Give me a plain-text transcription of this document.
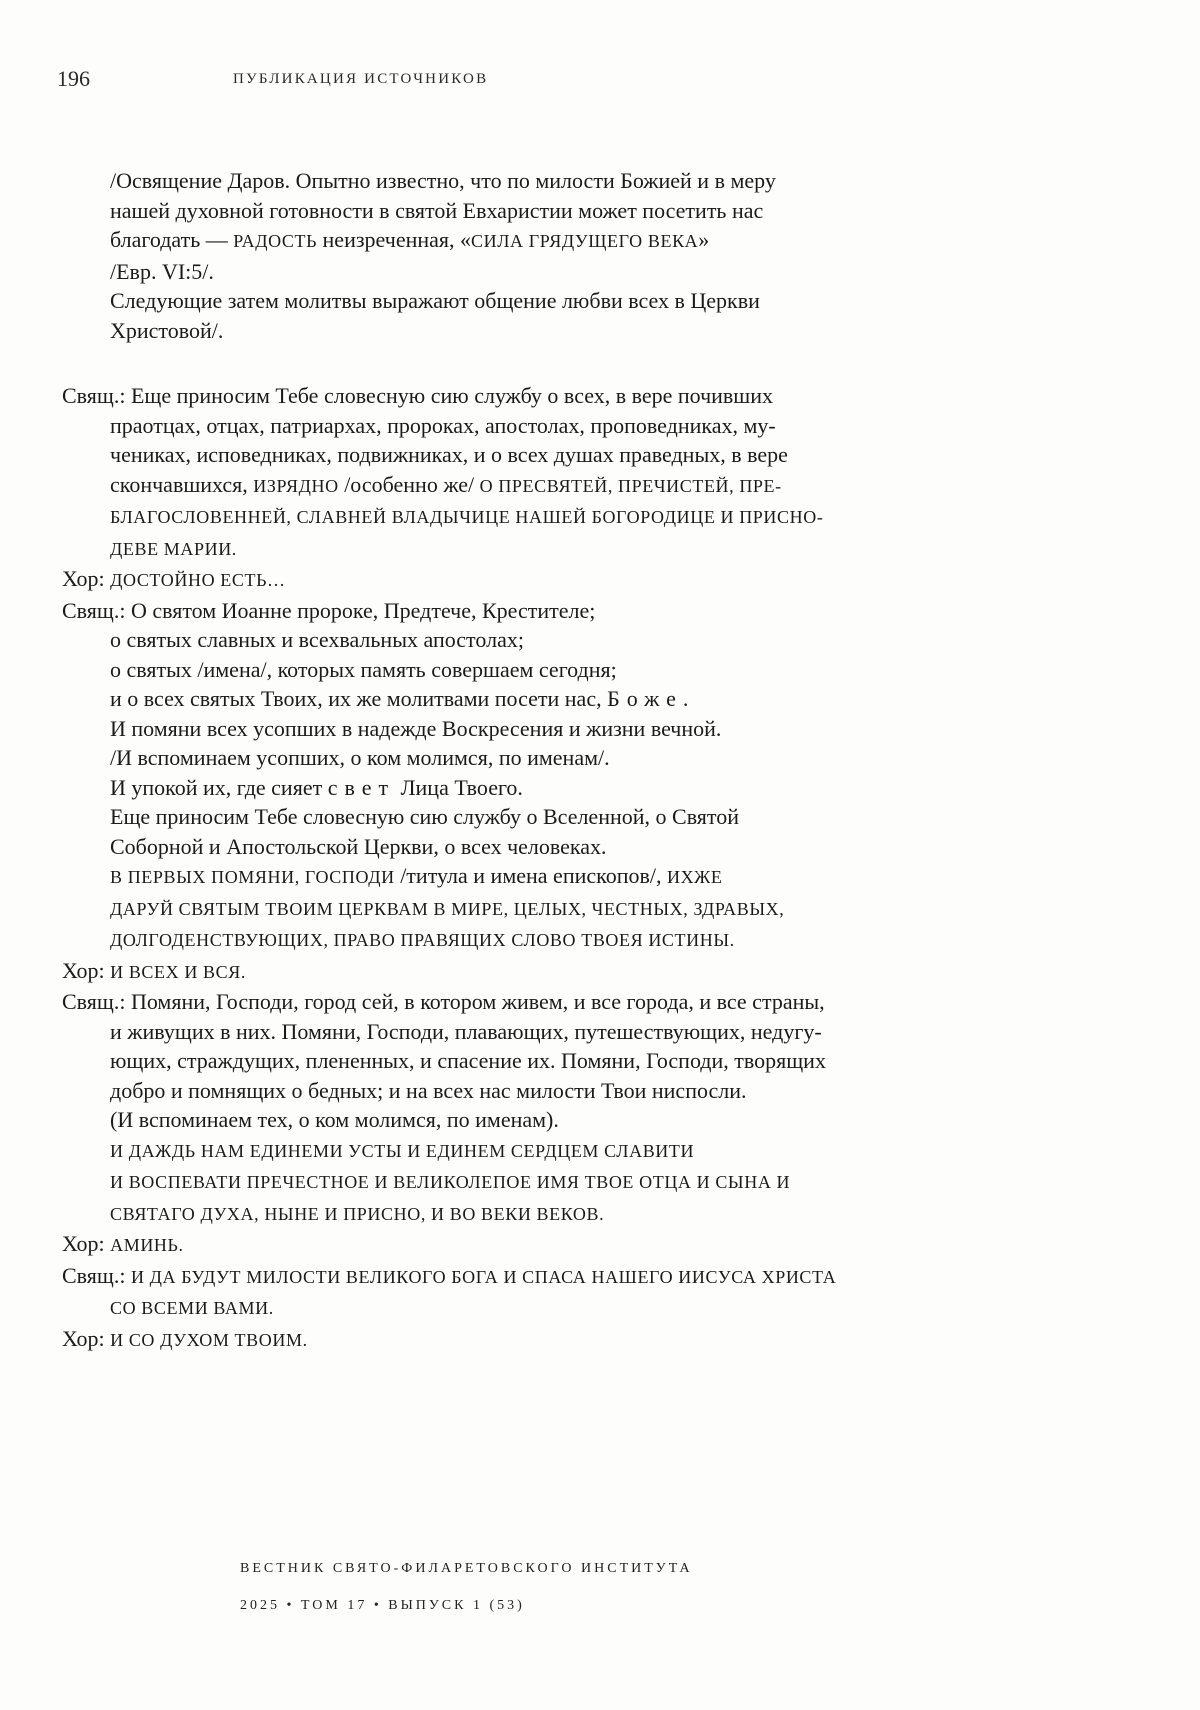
196	ПУБЛИКАЦИЯ ИСТОЧНИКОВ
/Освящение Даров. Опытно известно, что по милости Божией и в меру
нашей духовной готовности в святой Евхаристии может посетить нас
благодать — РАДОСТЬ неизреченная, «СИЛА ГРЯДУЩЕГО ВЕКА»
/Евр. VI:5/.
Следующие затем молитвы выражают общение любви всех в Церкви
Христовой/.
Свящ.: Еще приносим Тебе словесную сию службу о всех, в вере почивших
праотцах, отцах, патриархах, пророках, апостолах, проповедниках, му-
чениках, исповедниках, подвижниках, и о всех душах праведных, в вере
скончавшихся, ИЗРЯДНО /особенно же/ О ПРЕСВЯТЕЙ, ПРЕЧИСТЕЙ, ПРЕ-
БЛАГОСЛОВЕННЕЙ, СЛАВНЕЙ ВЛАДЫЧИЦЕ НАШЕЙ БОГОРОДИЦЕ И ПРИСНО-
ДЕВЕ МАРИИ.
Хор: ДОСТОЙНО ЕСТЬ…
Свящ.: О святом Иоанне пророке, Предтече, Крестителе;
о святых славных и всехвальных апостолах;
о святых /имена/, которых память совершаем сегодня;
и о всех святых Твоих, их же молитвами посети нас, Боже.
И помяни всех усопших в надежде Воскресения и жизни вечной.
/И вспоминаем усопших, о ком молимся, по именам/.
И упокой их, где сияет свет Лица Твоего.
Еще приносим Тебе словесную сию службу о Вселенной, о Святой
Соборной и Апостольской Церкви, о всех человеках.
В ПЕРВЫХ ПОМЯНИ, ГОСПОДИ /титула и имена епископов/, ИХЖЕ
ДАРУЙ СВЯТЫМ ТВОИМ ЦЕРКВАМ В МИРЕ, ЦЕЛЫХ, ЧЕСТНЫХ, ЗДРАВЫХ,
ДОЛГОДЕНСТВУЮЩИХ, ПРАВО ПРАВЯЩИХ СЛОВО ТВОЕЯ ИСТИНЫ.
Хор: И ВСЕХ И ВСЯ.
Свящ.: Помяни, Господи, город сей, в котором живем, и все города, и все страны,
и живущих в них. Помяни, Господи, плавающих, путешествующих, недугу-
ющих, страждущих, плененных, и спасение их. Помяни, Господи, творящих
добро и помнящих о бедных; и на всех нас милости Твои ниспосли.
(И вспоминаем тех, о ком молимся, по именам).
И ДАЖДЬ НАМ ЕДИНЕМИ УСТЫ И ЕДИНЕМ СЕРДЦЕМ СЛАВИТИ
И ВОСПЕВАТИ ПРЕЧЕСТНОЕ И ВЕЛИКОЛЕПОЕ ИМЯ ТВОЕ ОТЦА И СЫНА И
СВЯТАГО ДУХА, НЫНЕ И ПРИСНО, И ВО ВЕКИ ВЕКОВ.
Хор: АМИНЬ.
Свящ.: И ДА БУДУТ МИЛОСТИ ВЕЛИКОГО БОГА И СПАСА НАШЕГО ИИСУСА ХРИСТА
СО ВСЕМИ ВАМИ.
Хор: И СО ДУХОМ ТВОИМ.
ВЕСТНИК СВЯТО-ФИЛАРЕТОВСКОГО ИНСТИТУТА
2025 • ТОМ 17 • ВЫПУСК 1 (53)
